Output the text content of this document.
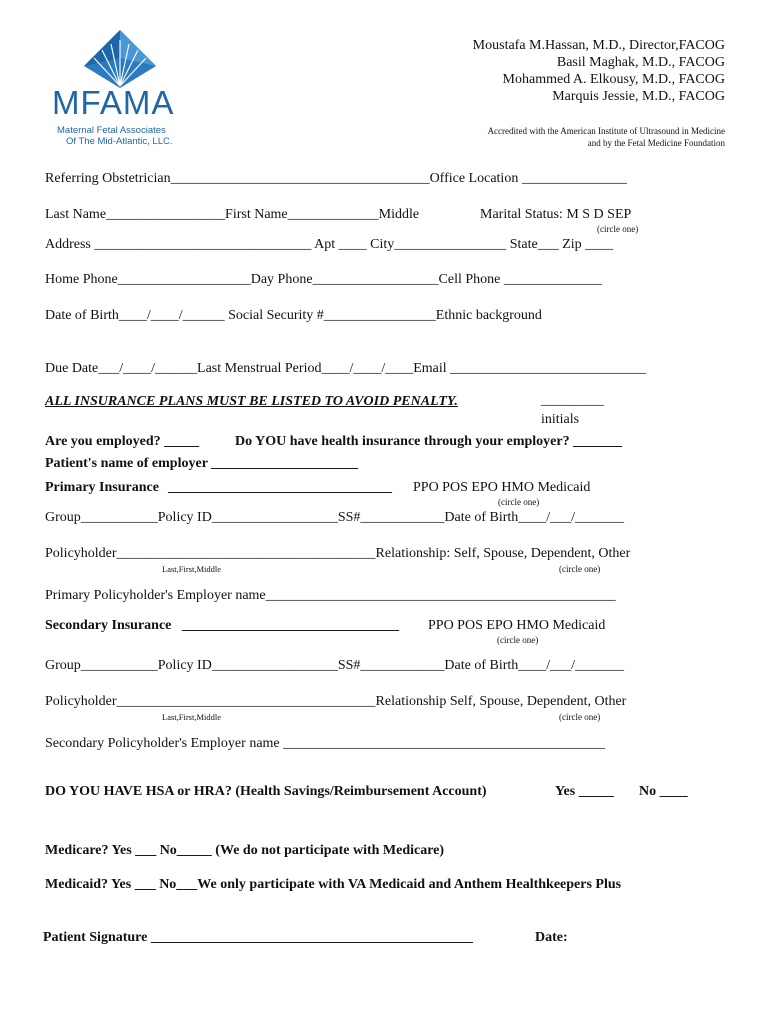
MFAMA
Maternal Fetal Associates
Of The Mid-Atlantic, LLC.
Moustafa M.Hassan, M.D., Director,FACOG
Basil Maghak, M.D., FACOG
Mohammed A. Elkousy, M.D., FACOG
Marquis Jessie, M.D., FACOG
Accredited with the American Institute of Ultrasound in Medicine
and by the Fetal Medicine Foundation
Referring Obstetrician_____________________________________Office Location _______________
Last Name_________________First Name_____________Middle	Marital Status: M S D SEP
(circle one)
Address _______________________________ Apt ____ City________________ State___ Zip ____
Home Phone___________________Day Phone__________________Cell Phone ______________
Date of Birth____/____/______ Social Security #________________Ethnic background
Due Date___/____/______Last Menstrual Period____/____/____Email ____________________________
ALL INSURANCE PLANS MUST BE LISTED TO AVOID PENALTY.	_________
initials
Are you employed? _____	Do YOU have health insurance through your employer? _______
Patient's name of employer _____________________
Primary Insurance ________________________________ PPO POS EPO HMO Medicaid
(circle one)
Group___________Policy ID__________________SS#____________Date of Birth____/___/_______
Policyholder_____________________________________Relationship: Self, Spouse, Dependent, Other
Last,First,Middle	(circle one)
Primary Policyholder's Employer name__________________________________________________
Secondary Insurance _______________________________ PPO POS EPO HMO Medicaid
(circle one)
Group___________Policy ID__________________SS#____________Date of Birth____/___/_______
Policyholder_____________________________________Relationship Self, Spouse, Dependent, Other
Last,First,Middle	(circle one)
Secondary Policyholder's Employer name ______________________________________________
DO YOU HAVE HSA or HRA? (Health Savings/Reimbursement Account)	Yes _____ No ____
Medicare? Yes ___ No_____ (We do not participate with Medicare)
Medicaid? Yes ___ No___We only participate with VA Medicaid and Anthem Healthkeepers Plus
Patient Signature ______________________________________________	Date:
